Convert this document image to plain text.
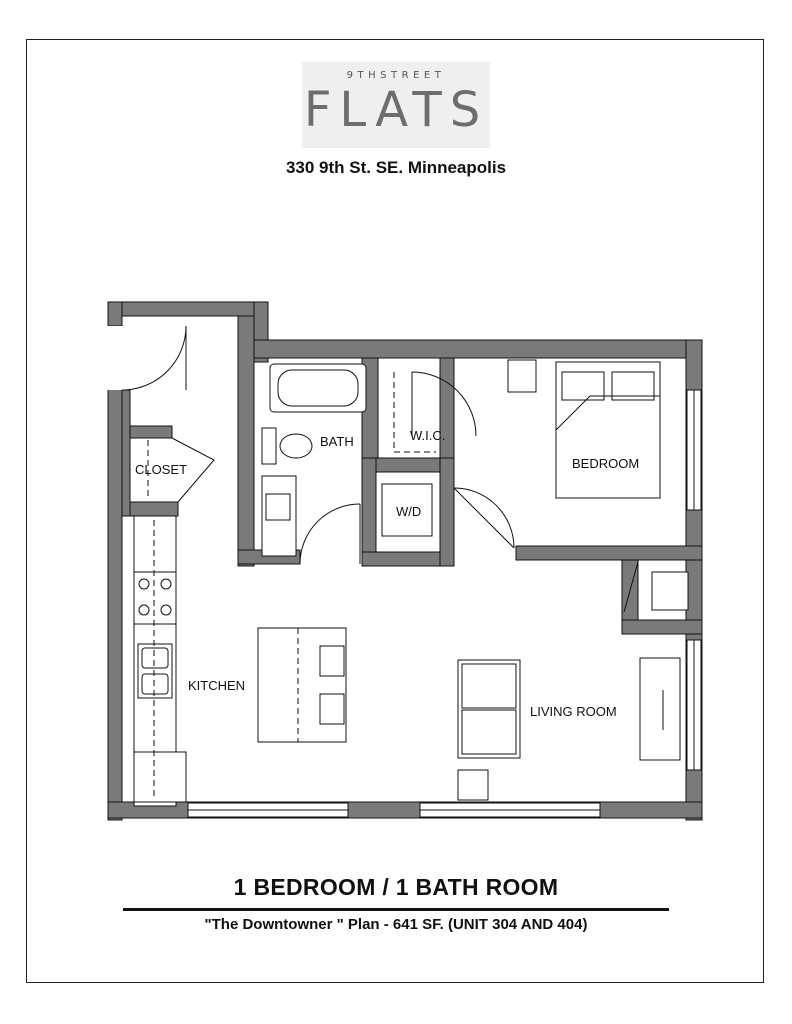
9THSTREET
FLATS
330 9th St. SE. Minneapolis
BATH	W.I.C.
BEDROOM
CLOSET
W/D
KITCHEN
LIVING ROOM
1 BEDROOM / 1 BATH ROOM
"The Downtowner " Plan - 641 SF. (UNIT 304 AND 404)
